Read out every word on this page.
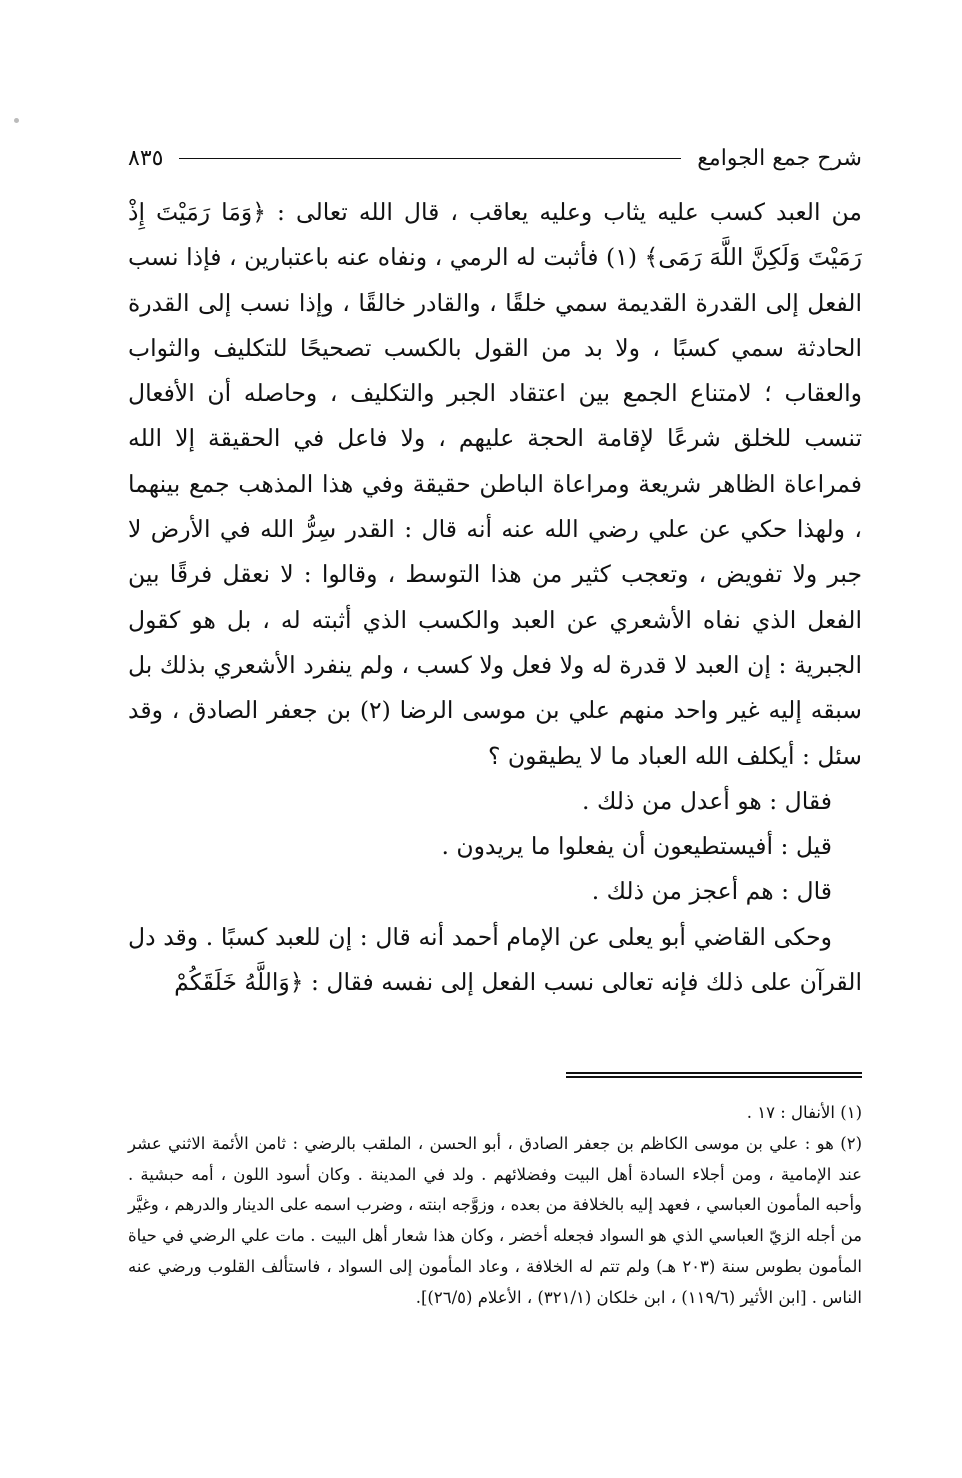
شرح جمع الجوامع
٨٣٥

من العبد كسب عليه يثاب وعليه يعاقب ، قال الله تعالى : ﴿وَمَا رَمَيْتَ إِذْ رَمَيْتَ وَلَكِنَّ اللَّهَ رَمَى﴾ (١) فأثبت له الرمي ، ونفاه عنه باعتبارين ، فإذا نسب الفعل إلى القدرة القديمة سمي خلقًا ، والقادر خالقًا ، وإذا نسب إلى القدرة الحادثة سمي كسبًا ، ولا بد من القول بالكسب تصحيحًا للتكليف والثواب والعقاب ؛ لامتناع الجمع بين اعتقاد الجبر والتكليف ، وحاصله أن الأفعال تنسب للخلق شرعًا لإقامة الحجة عليهم ، ولا فاعل في الحقيقة إلا الله فمراعاة الظاهر شريعة ومراعاة الباطن حقيقة وفي هذا المذهب جمع بينهما ، ولهذا حكي عن علي رضي الله عنه أنه قال : القدر سِرُّ الله في الأرض لا جبر ولا تفويض ، وتعجب كثير من هذا التوسط ، وقالوا : لا نعقل فرقًا بين الفعل الذي نفاه الأشعري عن العبد والكسب الذي أثبته له ، بل هو كقول الجبرية : إن العبد لا قدرة له ولا فعل ولا كسب ، ولم ينفرد الأشعري بذلك بل سبقه إليه غير واحد منهم علي بن موسى الرضا (٢) بن جعفر الصادق ، وقد سئل : أيكلف الله العباد ما لا يطيقون ؟

فقال : هو أعدل من ذلك .

قيل : أفيستطيعون أن يفعلوا ما يريدون .

قال : هم أعجز من ذلك .

وحكى القاضي أبو يعلى عن الإمام أحمد أنه قال : إن للعبد كسبًا . وقد دل القرآن على ذلك فإنه تعالى نسب الفعل إلى نفسه فقال : ﴿وَاللَّهُ خَلَقَكُمْ

(١) الأنفال : ١٧ .

(٢) هو : علي بن موسى الكاظم بن جعفر الصادق ، أبو الحسن ، الملقب بالرضي : ثامن الأئمة الاثني عشر عند الإمامية ، ومن أجلاء السادة أهل البيت وفضلائهم . ولد في المدينة . وكان أسود اللون ، أمه حبشية . وأحبه المأمون العباسي ، فعهد إليه بالخلافة من بعده ، وزوَّجه ابنته ، وضرب اسمه على الدينار والدرهم ، وغيَّر من أجله الزيّ العباسي الذي هو السواد فجعله أخضر ، وكان هذا شعار أهل البيت . مات علي الرضي في حياة المأمون بطوس سنة (٢٠٣ هـ) ولم تتم له الخلافة ، وعاد المأمون إلى السواد ، فاستألف القلوب ورضي عنه الناس . [ابن الأثير (١١٩/٦) ، ابن خلكان (٣٢١/١) ، الأعلام (٢٦/٥)].
